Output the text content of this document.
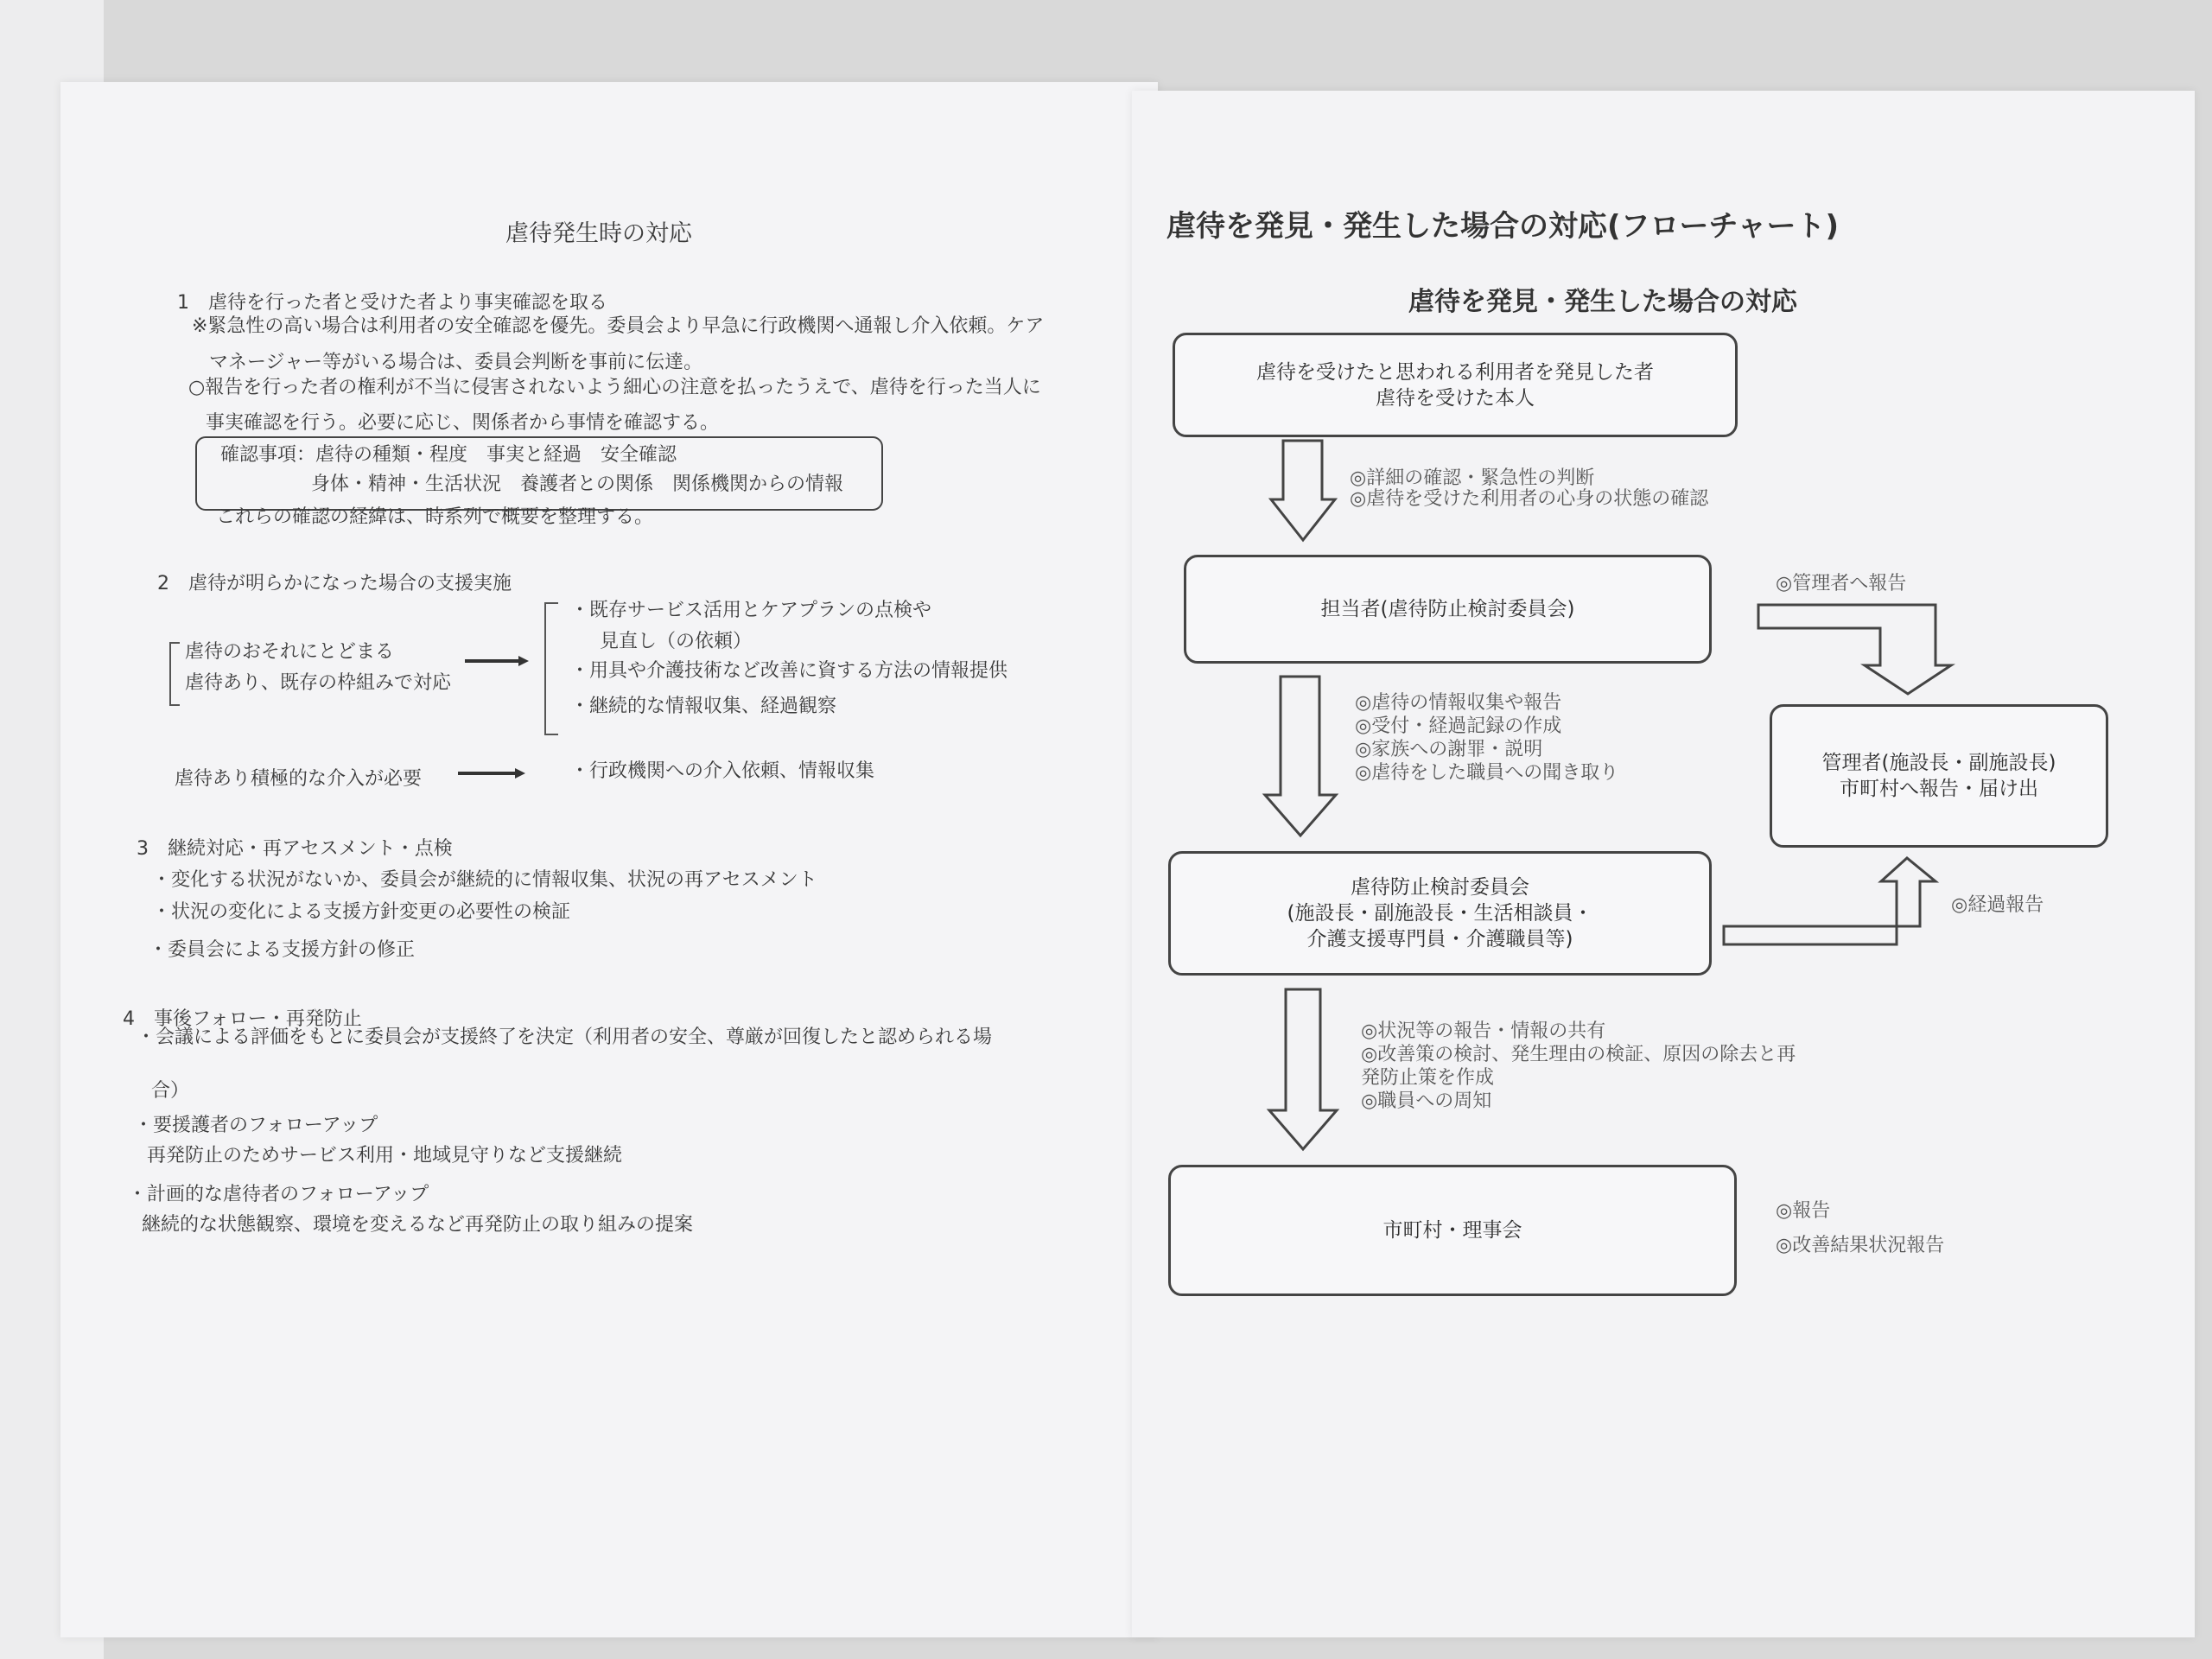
虐待発生時の対応
1　虐待を行った者と受けた者より事実確認を取る
※緊急性の高い場合は利用者の安全確認を優先。委員会より早急に行政機関へ通報し介入依頼。ケア
マネージャー等がいる場合は、委員会判断を事前に伝達。
○報告を行った者の権利が不当に侵害されないよう細心の注意を払ったうえで、虐待を行った当人に
事実確認を行う。必要に応じ、関係者から事情を確認する。
確認事項：虐待の種類・程度　事実と経過　安全確認
身体・精神・生活状況　養護者との関係　関係機関からの情報
これらの確認の経緯は、時系列で概要を整理する。
2　虐待が明らかになった場合の支援実施
虐待のおそれにとどまる
虐待あり、既存の枠組みで対応
・既存サービス活用とケアプランの点検や
見直し（の依頼）
・用具や介護技術など改善に資する方法の情報提供
・継続的な情報収集、経過観察
虐待あり積極的な介入が必要	・行政機関への介入依頼、情報収集
3　継続対応・再アセスメント・点検
・変化する状況がないか、委員会が継続的に情報収集、状況の再アセスメント
・状況の変化による支援方針変更の必要性の検証
・委員会による支援方針の修正
4　事後フォロー・再発防止
・会議による評価をもとに委員会が支援終了を決定（利用者の安全、尊厳が回復したと認められる場
合）
・要援護者のフォローアップ
再発防止のためサービス利用・地域見守りなど支援継続
・計画的な虐待者のフォローアップ
継続的な状態観察、環境を変えるなど再発防止の取り組みの提案
虐待を発見・発生した場合の対応(フローチャート)
虐待を発見・発生した場合の対応
虐待を受けたと思われる利用者を発見した者
虐待を受けた本人
◎詳細の確認・緊急性の判断
◎虐待を受けた利用者の心身の状態の確認
担当者(虐待防止検討委員会)
◎管理者へ報告
◎虐待の情報収集や報告
◎受付・経過記録の作成
◎家族への謝罪・説明
◎虐待をした職員への聞き取り	管理者(施設長・副施設長)
市町村へ報告・届け出
虐待防止検討委員会
(施設長・副施設長・生活相談員・
介護支援専門員・介護職員等)
◎経過報告
◎状況等の報告・情報の共有
◎改善策の検討、発生理由の検証、原因の除去と再
発防止策を作成
◎職員への周知
市町村・理事会
◎報告
◎改善結果状況報告
